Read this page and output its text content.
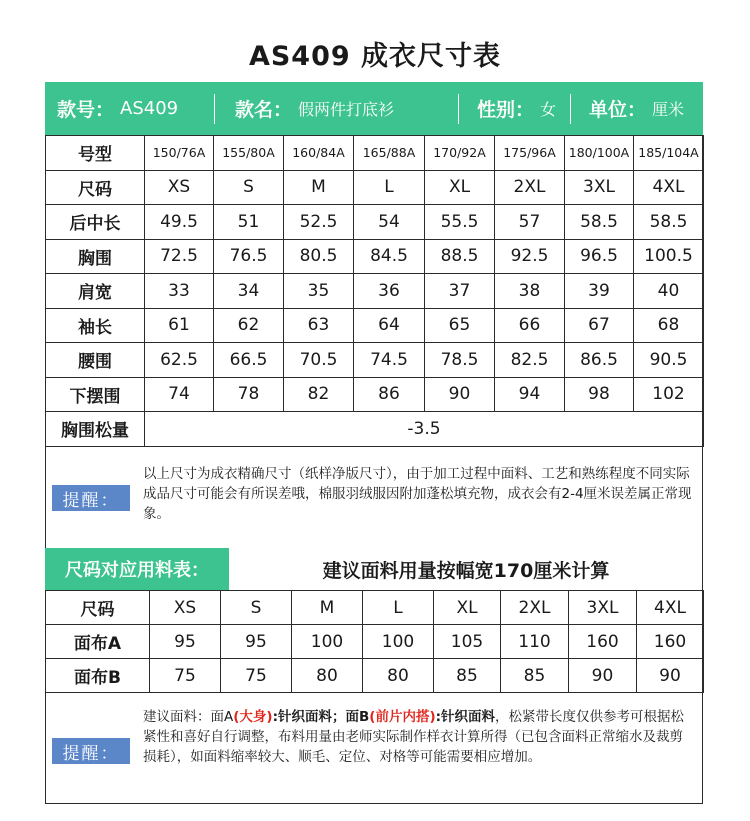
AS409 成衣尺寸表
款号： AS409	款名： 假两件打底衫	性别： 女 单位： 厘米
号型	150/76A	155/80A	160/84A	165/88A	170/92A	175/96A	180/100A	185/104A
尺码	XS	S	M	L	XL	2XL	3XL	4XL
后中长	49.5	51	52.5	54	55.5	57	58.5	58.5
胸围	72.5	76.5	80.5	84.5	88.5	92.5	96.5	100.5
肩宽	33	34	35	36	37	38	39	40
袖长	61	62	63	64	65	66	67	68
腰围	62.5	66.5	70.5	74.5	78.5	82.5	86.5	90.5
下摆围	74	78	82	86	90	94	98	102
胸围松量	-3.5							
提醒：
以上尺寸为成衣精确尺寸（纸样净版尺寸），由于加工过程中面料、工艺和熟练程度不同实际成品尺寸可能会有所误差哦，棉服羽绒服因附加蓬松填充物，成衣会有2-4厘米误差属正常现象。
尺码对应用料表：	建议面料用量按幅宽170厘米计算
尺码	XS	S	M	L	XL	2XL	3XL	4XL
面布A	95	95	100	100	105	110	160	160
面布B	75	75	80	80	85	85	90	90
提醒：
建议面料：面A(大身):针织面料；面B(前片内搭):针织面料，松紧带长度仅供参考可根据松紧性和喜好自行调整，布料用量由老师实际制作样衣计算所得（已包含面料正常缩水及裁剪损耗），如面料缩率较大、顺毛、定位、对格等可能需要相应增加。
